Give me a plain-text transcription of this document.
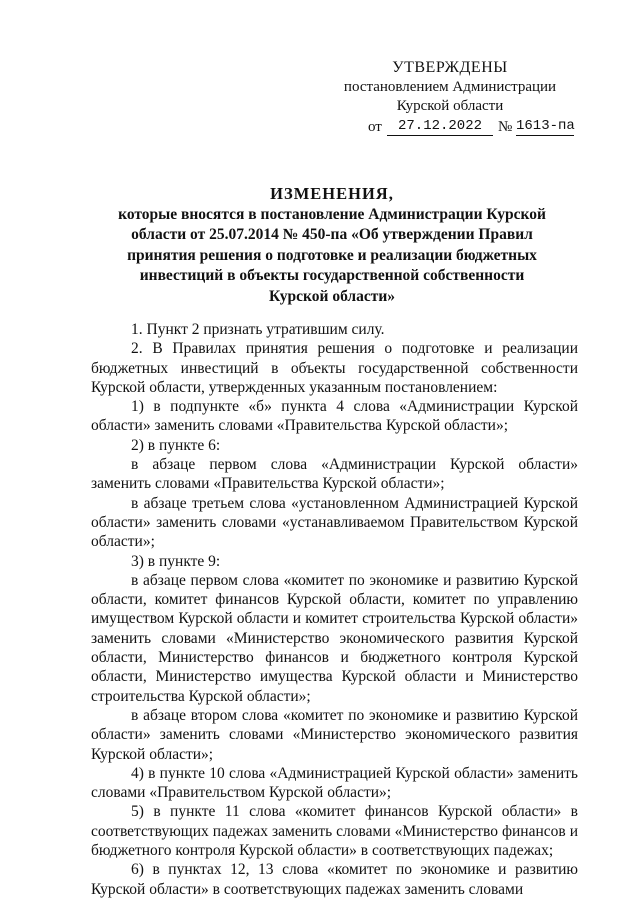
УТВЕРЖДЕНЫ
постановлением Администрации
Курской области
от	27.12.2022	№ 1613-па
ИЗМЕНЕНИЯ,
которые вносятся в постановление Администрации Курской области от 25.07.2014 № 450-па «Об утверждении Правил принятия решения о подготовке и реализации бюджетных инвестиций в объекты государственной собственности Курской области»

1. Пункт 2 признать утратившим силу.

2. В Правилах принятия решения о подготовке и реализации бюджетных инвестиций в объекты государственной собственности Курской области, утвержденных указанным постановлением:

1) в подпункте «б» пункта 4 слова «Администрации Курской области» заменить словами «Правительства Курской области»;

2) в пункте 6:

в абзаце первом слова «Администрации Курской области» заменить словами «Правительства Курской области»;

в абзаце третьем слова «установленном Администрацией Курской области» заменить словами «устанавливаемом Правительством Курской области»;

3) в пункте 9:

в абзаце первом слова «комитет по экономике и развитию Курской области, комитет финансов Курской области, комитет по управлению имуществом Курской области и комитет строительства Курской области» заменить словами «Министерство экономического развития Курской области, Министерство финансов и бюджетного контроля Курской области, Министерство имущества Курской области и Министерство строительства Курской области»;

в абзаце втором слова «комитет по экономике и развитию Курской области» заменить словами «Министерство экономического развития Курской области»;

4) в пункте 10 слова «Администрацией Курской области» заменить словами «Правительством Курской области»;

5) в пункте 11 слова «комитет финансов Курской области» в соответствующих падежах заменить словами «Министерство финансов и бюджетного контроля Курской области» в соответствующих падежах;

6) в пунктах 12, 13 слова «комитет по экономике и развитию Курской области» в соответствующих падежах заменить словами
